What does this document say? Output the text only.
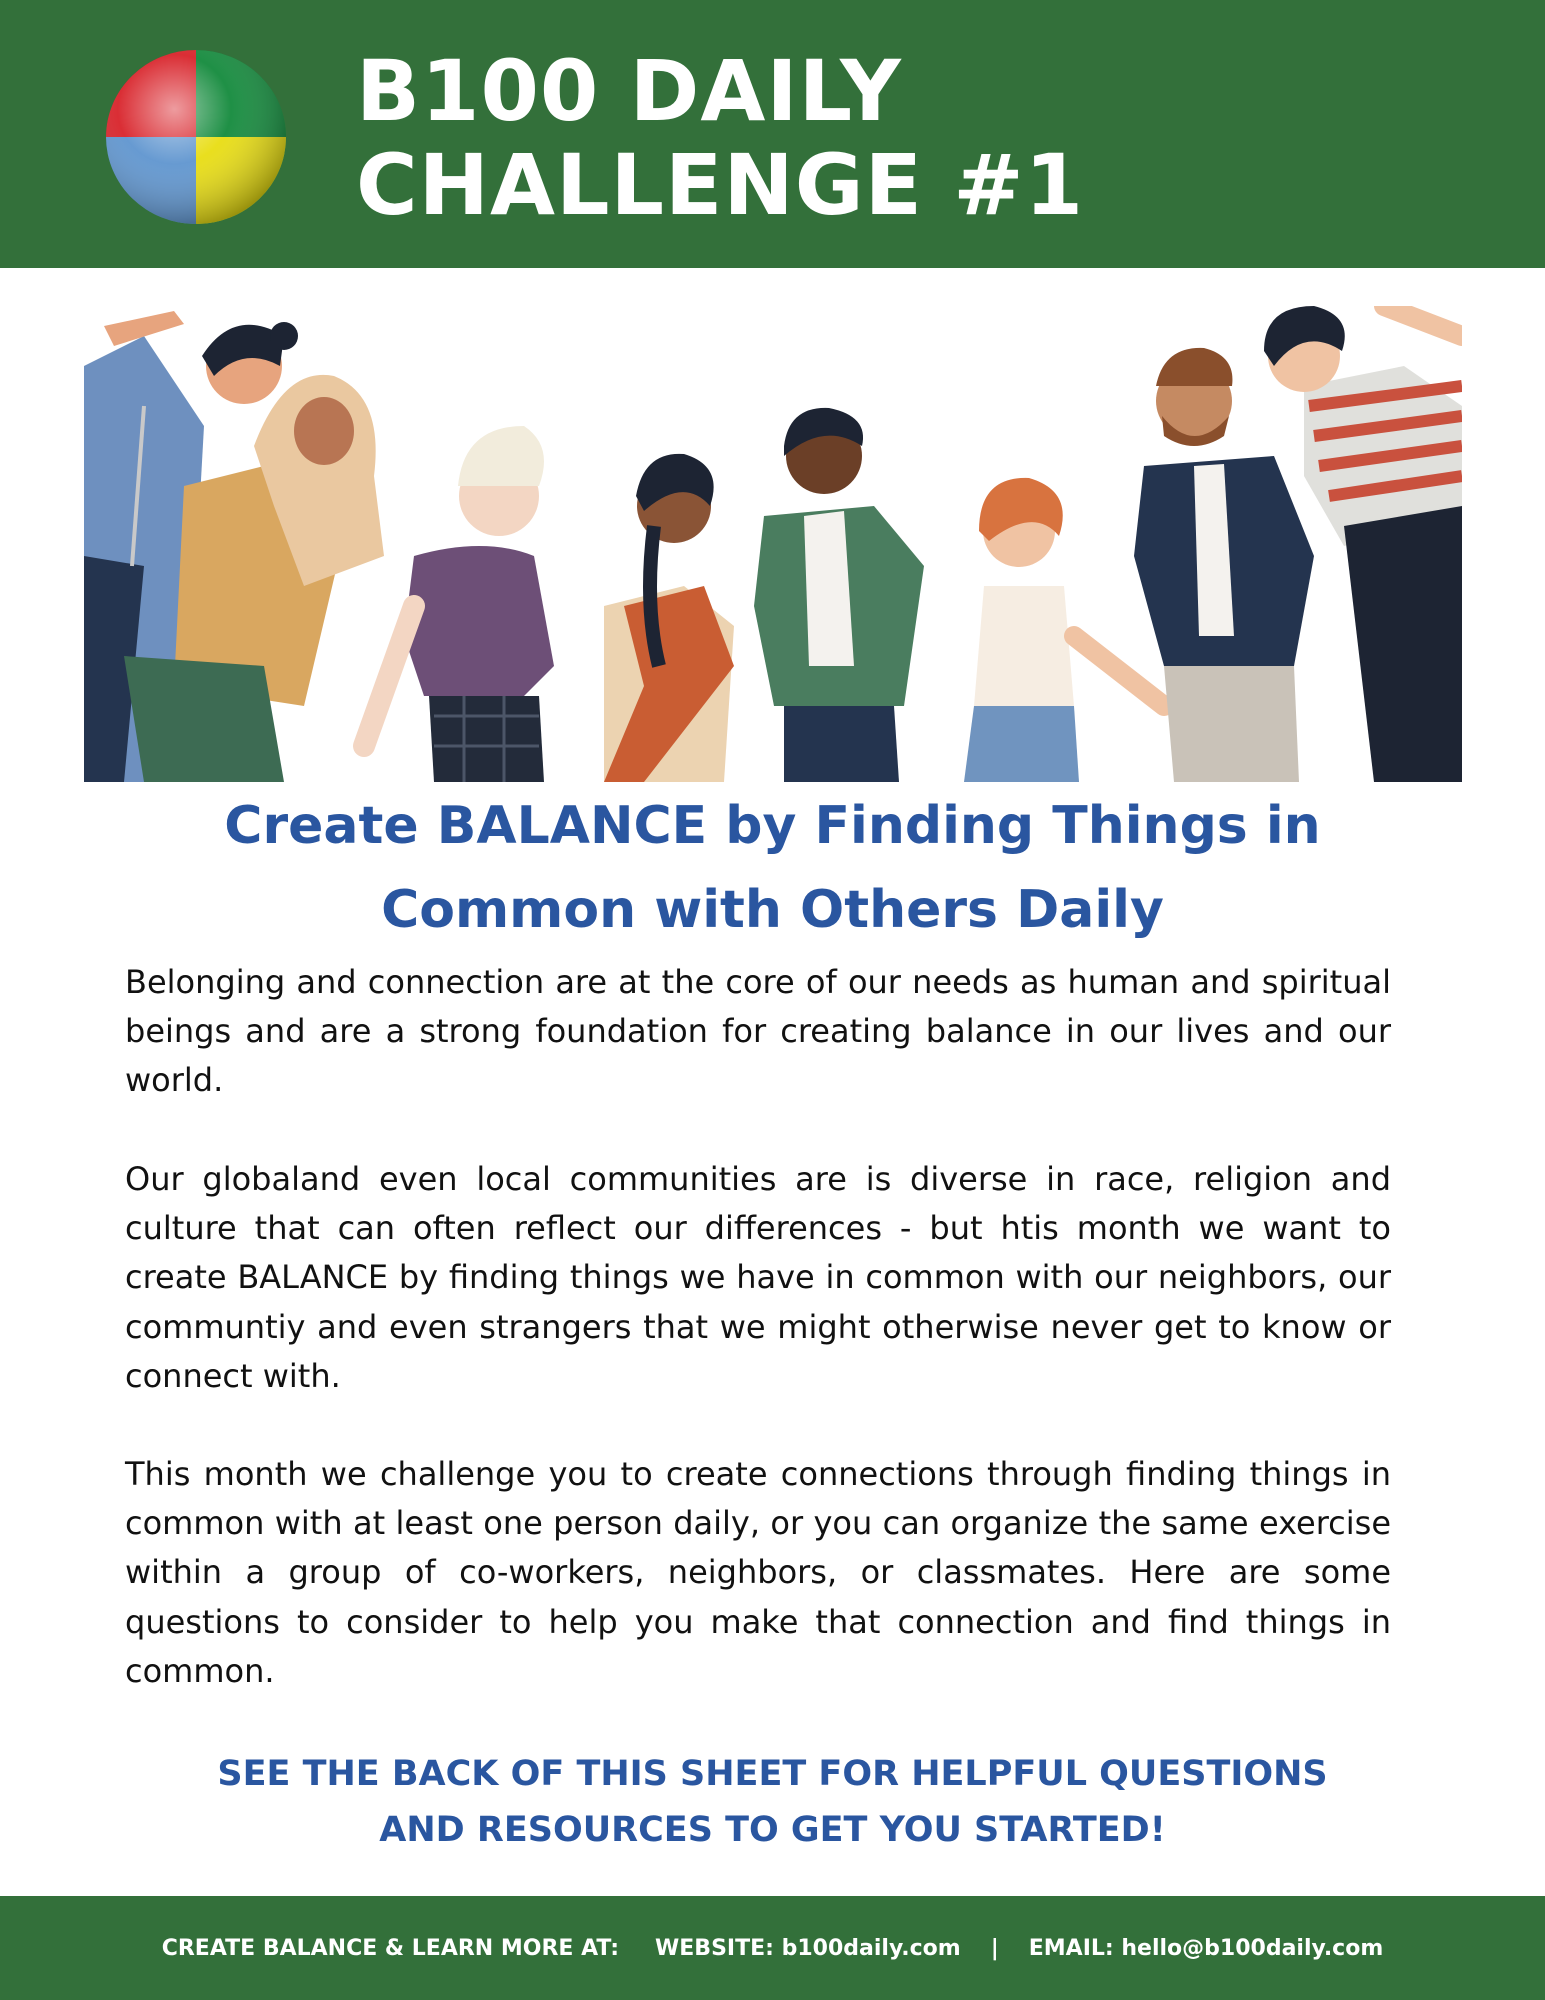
B100 DAILY
CHALLENGE #1
Create BALANCE by Finding Things in
Common with Others Daily

Belonging and connection are at the core of our needs as human and spiritual beings and are a strong foundation for creating balance in our lives and our world.

Our globaland even local communities are is diverse in race, religion and culture that can often reflect our differences - but htis month we want to create BALANCE by finding things we have in common with our neighbors, our communtiy and even strangers that we might otherwise never get to know or connect with.

This month we challenge you to create connections through finding things in common with at least one person daily, or you can organize the same exercise within a group of co-workers, neighbors, or classmates. Here are some questions to consider to help you make that connection and find things in common.

SEE THE BACK OF THIS SHEET FOR HELPFUL QUESTIONS
AND RESOURCES TO GET YOU STARTED!
CREATE BALANCE & LEARN MORE AT: WEBSITE: b100daily.com | EMAIL: hello@b100daily.com
